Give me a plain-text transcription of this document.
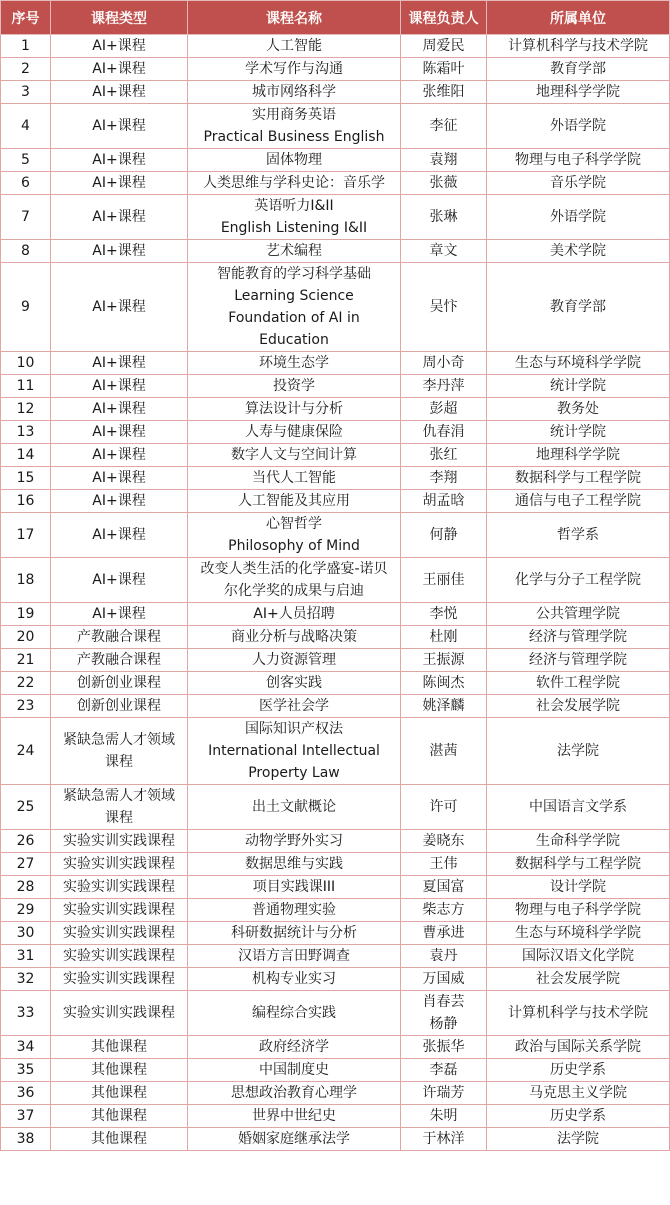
序号	课程类型	课程名称	课程负责人	所属单位
1	AI+课程	人工智能	周爱民	计算机科学与技术学院
2	AI+课程	学术写作与沟通	陈霜叶	教育学部
3	AI+课程	城市网络科学	张维阳	地理科学学院
4	AI+课程	实用商务英语
Practical Business English	李征	外语学院
5	AI+课程	固体物理	袁翔	物理与电子科学学院
6	AI+课程	人类思维与学科史论：音乐学	张薇	音乐学院
7	AI+课程	英语听力I&II
English Listening I&II	张琳	外语学院
8	AI+课程	艺术编程	章文	美术学院
9	AI+课程	智能教育的学习科学基础
Learning Science
Foundation of AI in
Education	吴忭	教育学部
10	AI+课程	环境生态学	周小奇	生态与环境科学学院
11	AI+课程	投资学	李丹萍	统计学院
12	AI+课程	算法设计与分析	彭超	教务处
13	AI+课程	人寿与健康保险	仇春涓	统计学院
14	AI+课程	数字人文与空间计算	张红	地理科学学院
15	AI+课程	当代人工智能	李翔	数据科学与工程学院
16	AI+课程	人工智能及其应用	胡孟晗	通信与电子工程学院
17	AI+课程	心智哲学
Philosophy of Mind	何静	哲学系
18	AI+课程	改变人类生活的化学盛宴-诺贝
尔化学奖的成果与启迪	王丽佳	化学与分子工程学院
19	AI+课程	AI+人员招聘	李悦	公共管理学院
20	产教融合课程	商业分析与战略决策	杜刚	经济与管理学院
21	产教融合课程	人力资源管理	王振源	经济与管理学院
22	创新创业课程	创客实践	陈闽杰	软件工程学院
23	创新创业课程	医学社会学	姚泽麟	社会发展学院
24	紧缺急需人才领域
课程	国际知识产权法
International Intellectual
Property Law	湛茜	法学院
25	紧缺急需人才领域
课程	出土文献概论	许可	中国语言文学系
26	实验实训实践课程	动物学野外实习	姜晓东	生命科学学院
27	实验实训实践课程	数据思维与实践	王伟	数据科学与工程学院
28	实验实训实践课程	项目实践课III	夏国富	设计学院
29	实验实训实践课程	普通物理实验	柴志方	物理与电子科学学院
30	实验实训实践课程	科研数据统计与分析	曹承进	生态与环境科学学院
31	实验实训实践课程	汉语方言田野调查	袁丹	国际汉语文化学院
32	实验实训实践课程	机构专业实习	万国威	社会发展学院
33	实验实训实践课程	编程综合实践	肖春芸
杨静	计算机科学与技术学院
34	其他课程	政府经济学	张振华	政治与国际关系学院
35	其他课程	中国制度史	李磊	历史学系
36	其他课程	思想政治教育心理学	许瑞芳	马克思主义学院
37	其他课程	世界中世纪史	朱明	历史学系
38	其他课程	婚姻家庭继承法学	于林洋	法学院
